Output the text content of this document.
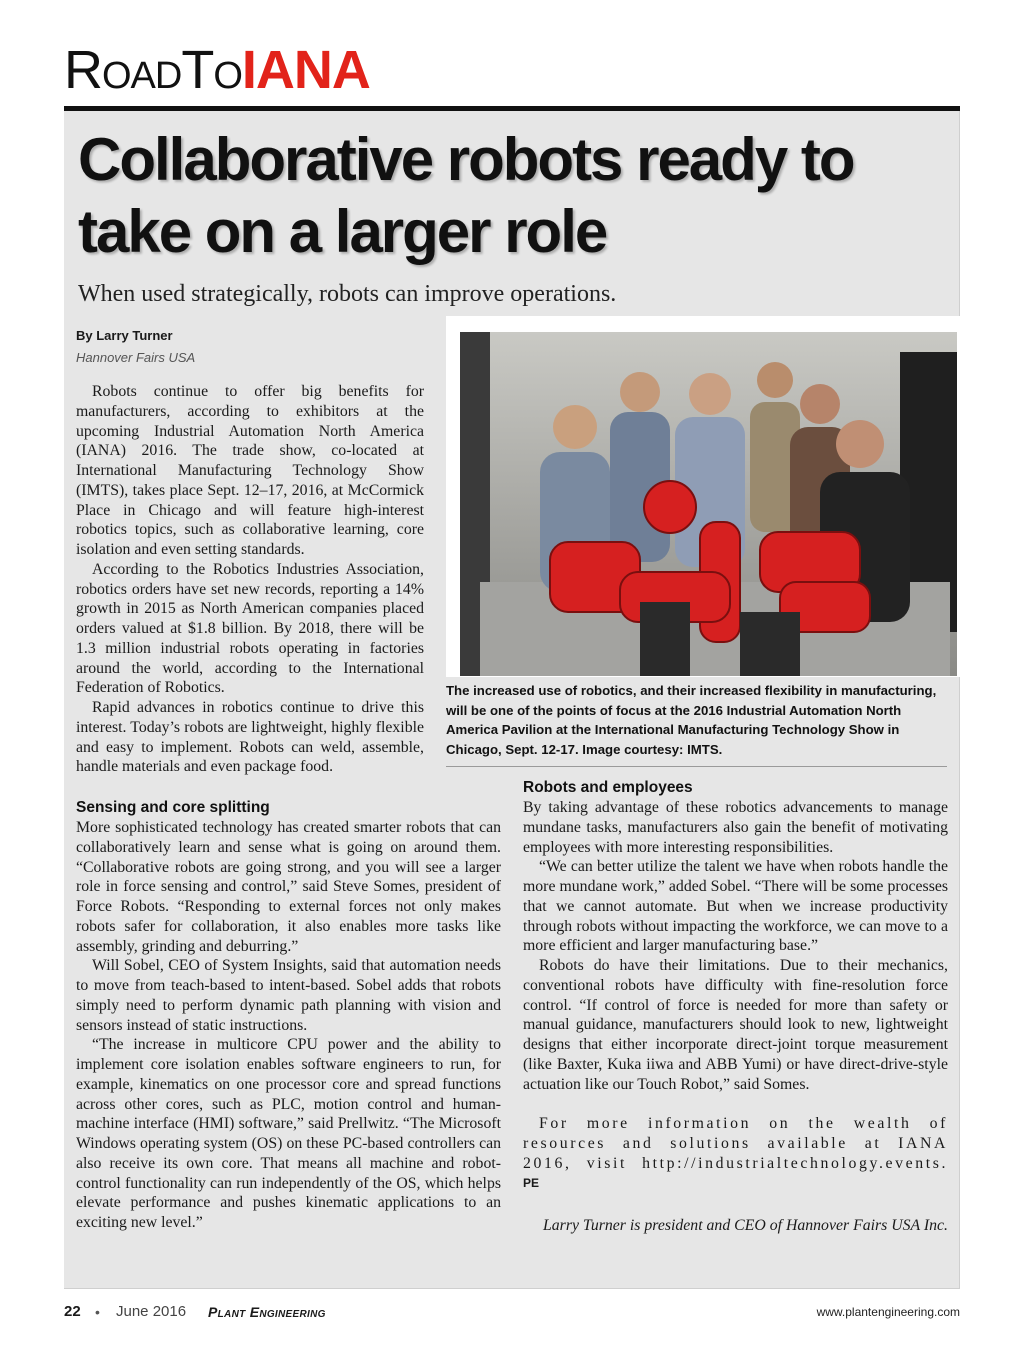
RoadToIANA
Collaborative robots ready to take on a larger role

When used strategically, robots can improve operations.

By Larry Turner
Hannover Fairs USA

Robots continue to offer big benefits for manufacturers, according to exhibitors at the upcoming Industrial Automation North America (IANA) 2016. The trade show, co-located at International Manufacturing Technology Show (IMTS), takes place Sept. 12–17, 2016, at McCormick Place in Chicago and will feature high-interest robotics topics, such as collaborative learning, core isolation and even setting standards.

According to the Robotics Industries Association, robotics orders have set new records, reporting a 14% growth in 2015 as North American companies placed orders valued at $1.8 billion. By 2018, there will be 1.3 million industrial robots operating in factories around the world, according to the International Federation of Robotics.

Rapid advances in robotics continue to drive this interest. Today’s robots are lightweight, highly flexible and easy to implement. Robots can weld, assemble, handle materials and even package food.

The increased use of robotics, and their increased flexibility in manufacturing, will be one of the points of focus at the 2016 Industrial Automation North America Pavilion at the International Manufacturing Technology Show in Chicago, Sept. 12-17. Image courtesy: IMTS.

Sensing and core splitting

More sophisticated technology has created smarter robots that can collaboratively learn and sense what is going on around them. “Collaborative robots are going strong, and you will see a larger role in force sensing and control,” said Steve Somes, president of Force Robots. “Responding to external forces not only makes robots safer for collaboration, it also enables more tasks like assembly, grinding and deburring.”

Will Sobel, CEO of System Insights, said that automation needs to move from teach-based to intent-based. Sobel adds that robots simply need to perform dynamic path planning with vision and sensors instead of static instructions.

“The increase in multicore CPU power and the ability to implement core isolation enables software engineers to run, for example, kinematics on one processor core and spread functions across other cores, such as PLC, motion control and human-machine interface (HMI) software,” said Prellwitz. “The Microsoft Windows operating system (OS) on these PC-based controllers can also receive its own core. That means all machine and robot-control functionality can run independently of the OS, which helps elevate performance and pushes kinematic applications to an exciting new level.”

Robots and employees

By taking advantage of these robotics advancements to manage mundane tasks, manufacturers also gain the benefit of motivating employees with more interesting responsibilities.

“We can better utilize the talent we have when robots handle the more mundane work,” added Sobel. “There will be some processes that we cannot automate. But when we increase productivity through robots without impacting the workforce, we can move to a more efficient and larger manufacturing base.”

Robots do have their limitations. Due to their mechanics, conventional robots have difficulty with fine-resolution force control. “If control of force is needed for more than safety or manual guidance, manufacturers should look to new, lightweight designs that either incorporate direct-joint torque measurement (like Baxter, Kuka iiwa and ABB Yumi) or have direct-drive-style actuation like our Touch Robot,” said Somes.

For more information on the wealth of resources and solutions available at IANA 2016, visit http://industrialtechnology.events. PE

Larry Turner is president and CEO of Hannover Fairs USA Inc.

22 • June 2016 Plant Engineering	www.plantengineering.com
